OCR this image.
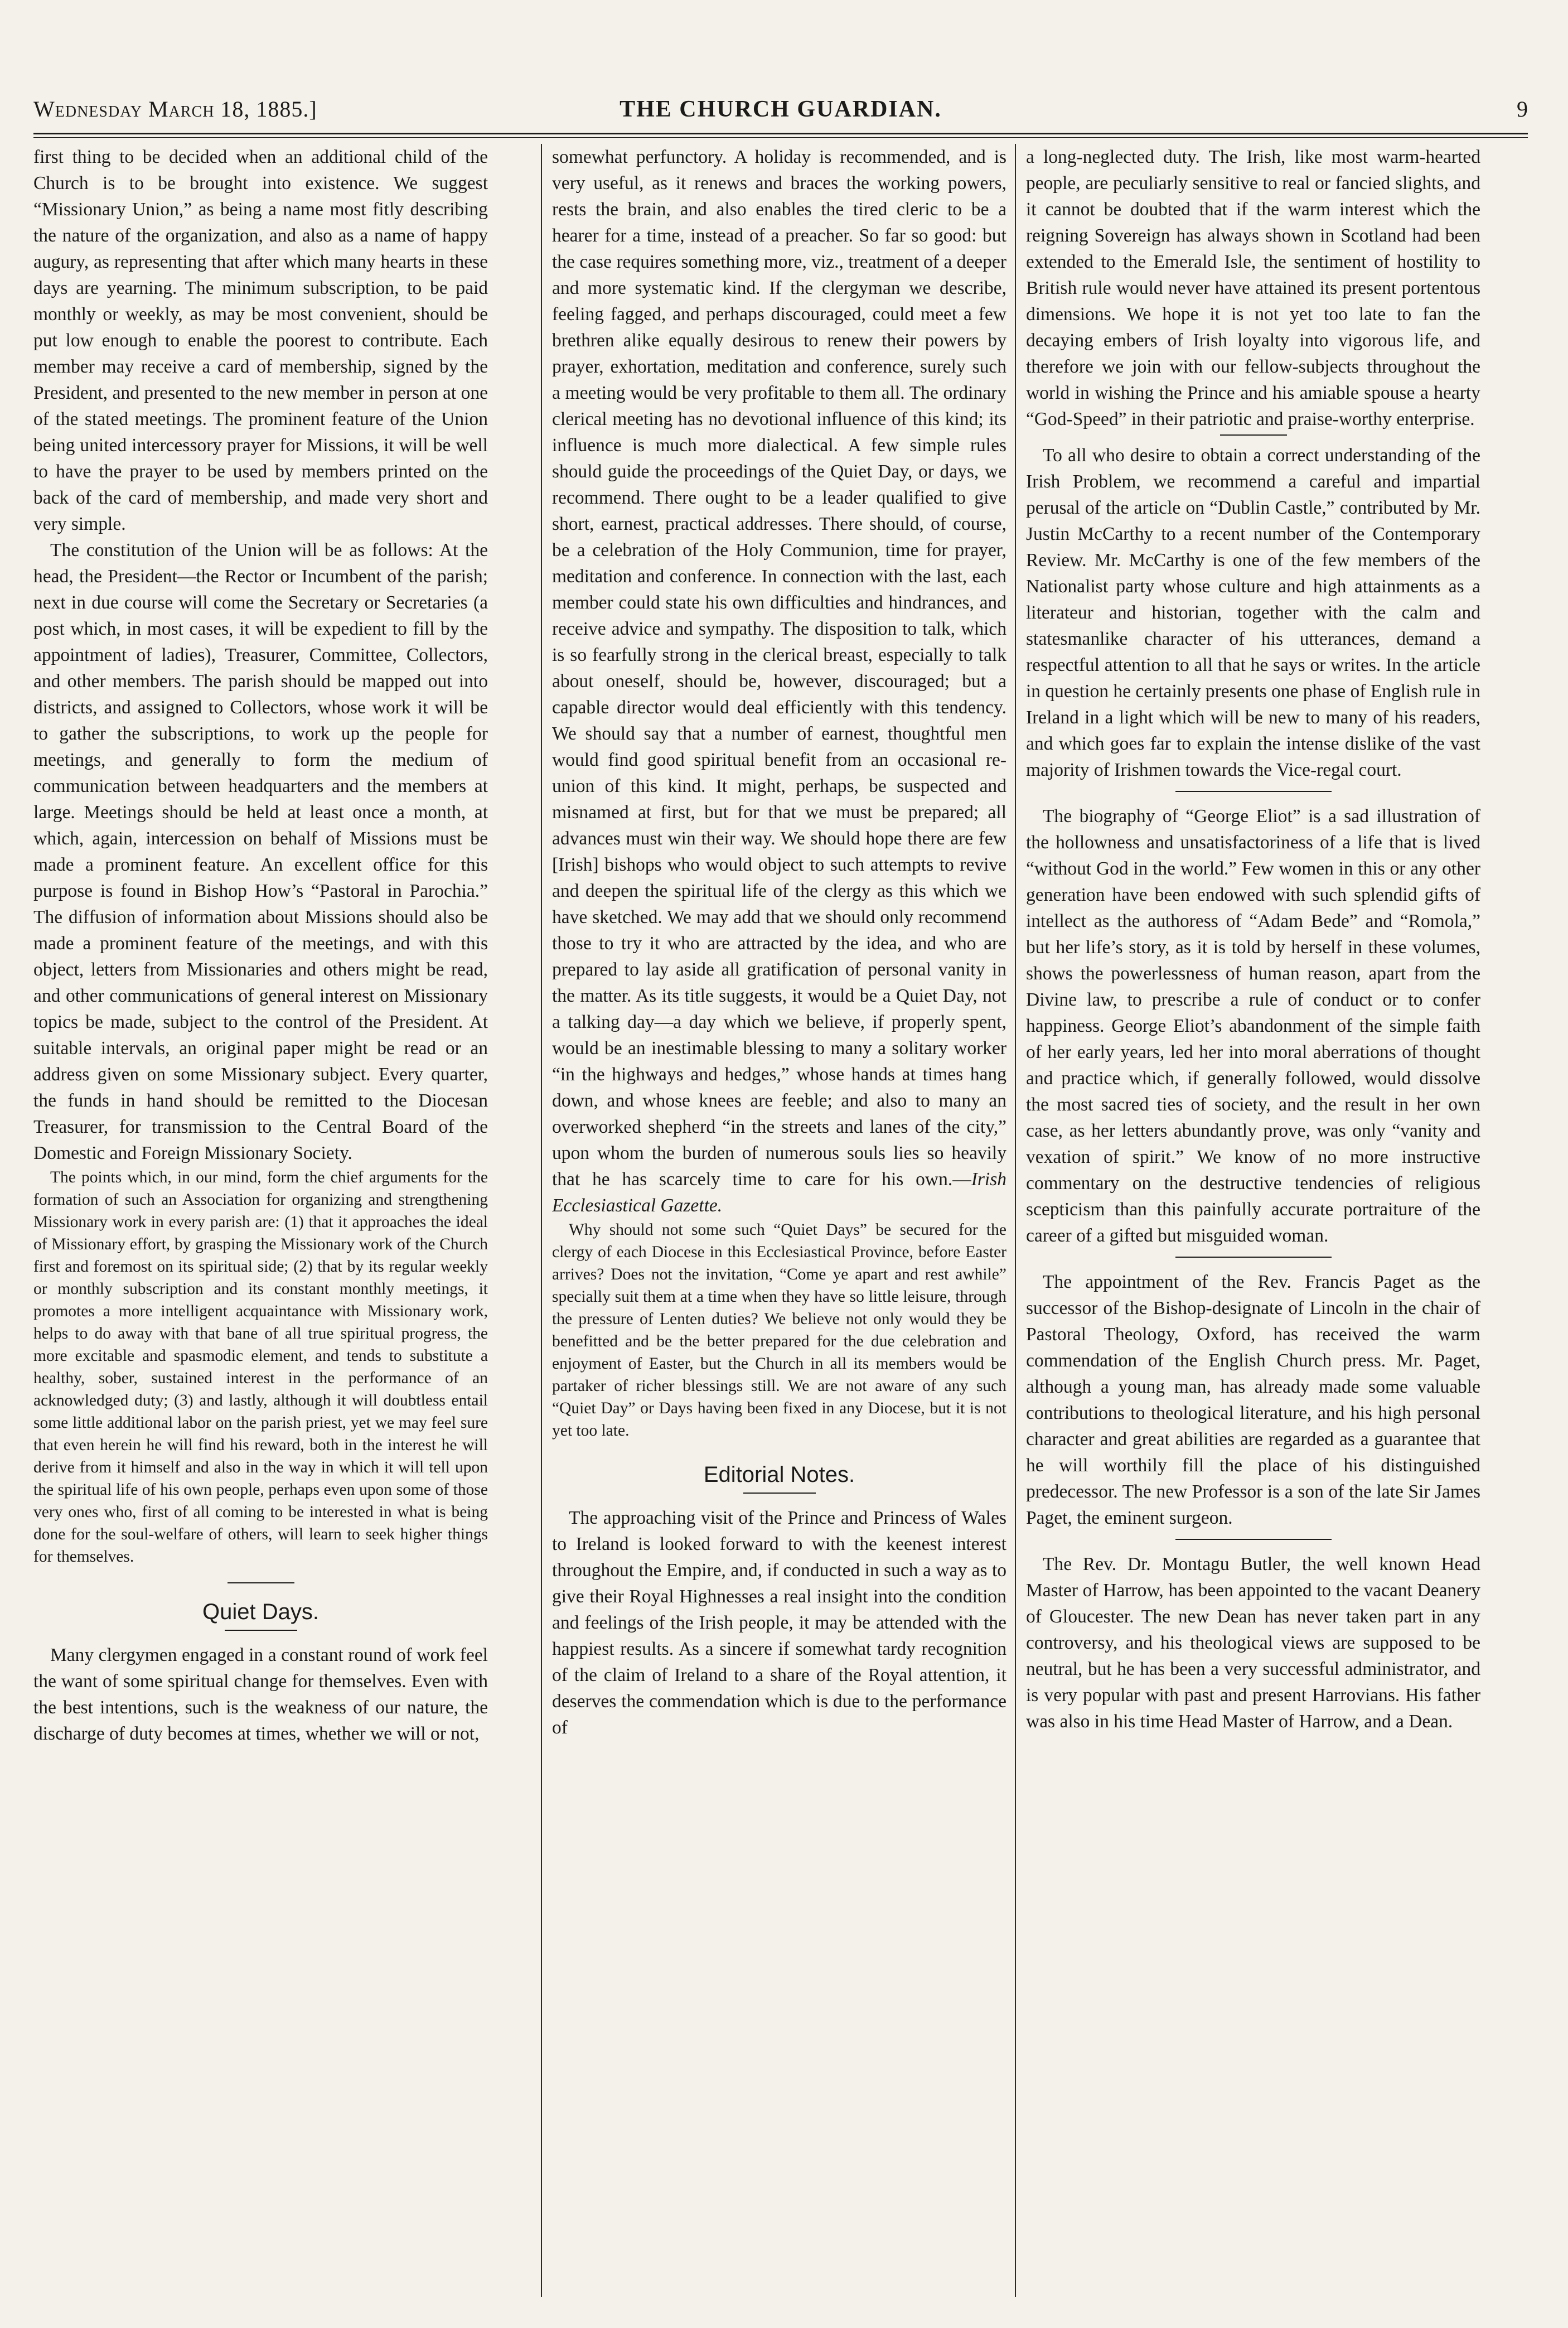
Wednesday March 18, 1885.]	THE CHURCH GUARDIAN.	9

first thing to be decided when an additional child of the Church is to be brought into existence. We suggest “Missionary Union,” as being a name most fitly describing the nature of the organization, and also as a name of happy augury, as representing that after which many hearts in these days are yearning. The minimum subscription, to be paid monthly or weekly, as may be most convenient, should be put low enough to enable the poorest to contribute. Each member may receive a card of membership, signed by the President, and presented to the new member in person at one of the stated meetings. The prominent feature of the Union being united intercessory prayer for Missions, it will be well to have the prayer to be used by members printed on the back of the card of membership, and made very short and very simple.

The constitution of the Union will be as follows: At the head, the President—the Rector or Incumbent of the parish; next in due course will come the Secretary or Secretaries (a post which, in most cases, it will be expedient to fill by the appointment of ladies), Treasurer, Committee, Collectors, and other members. The parish should be mapped out into districts, and assigned to Collectors, whose work it will be to gather the subscriptions, to work up the people for meetings, and generally to form the medium of communication between headquarters and the members at large. Meetings should be held at least once a month, at which, again, intercession on behalf of Missions must be made a prominent feature. An excellent office for this purpose is found in Bishop How’s “Pastoral in Parochia.” The diffusion of information about Missions should also be made a prominent feature of the meetings, and with this object, letters from Missionaries and others might be read, and other communications of general interest on Missionary topics be made, subject to the control of the President. At suitable intervals, an original paper might be read or an address given on some Missionary subject. Every quarter, the funds in hand should be remitted to the Diocesan Treasurer, for transmission to the Central Board of the Domestic and Foreign Missionary Society.

The points which, in our mind, form the chief arguments for the formation of such an Association for organizing and strengthening Missionary work in every parish are: (1) that it approaches the ideal of Missionary effort, by grasping the Missionary work of the Church first and foremost on its spiritual side; (2) that by its regular weekly or monthly subscription and its constant monthly meetings, it promotes a more intelligent acquaintance with Missionary work, helps to do away with that bane of all true spiritual progress, the more excitable and spasmodic element, and tends to substitute a healthy, sober, sustained interest in the performance of an acknowledged duty; (3) and lastly, although it will doubtless entail some little additional labor on the parish priest, yet we may feel sure that even herein he will find his reward, both in the interest he will derive from it himself and also in the way in which it will tell upon the spiritual life of his own people, perhaps even upon some of those very ones who, first of all coming to be interested in what is being done for the soul-welfare of others, will learn to seek higher things for themselves.

Quiet Days.

Many clergymen engaged in a constant round of work feel the want of some spiritual change for themselves. Even with the best intentions, such is the weakness of our nature, the discharge of duty becomes at times, whether we will or not,

somewhat perfunctory. A holiday is recommended, and is very useful, as it renews and braces the working powers, rests the brain, and also enables the tired cleric to be a hearer for a time, instead of a preacher. So far so good: but the case requires something more, viz., treatment of a deeper and more systematic kind. If the clergyman we describe, feeling fagged, and perhaps discouraged, could meet a few brethren alike equally desirous to renew their powers by prayer, exhortation, meditation and conference, surely such a meeting would be very profitable to them all. The ordinary clerical meeting has no devotional influence of this kind; its influence is much more dialectical. A few simple rules should guide the proceedings of the Quiet Day, or days, we recommend. There ought to be a leader qualified to give short, earnest, practical addresses. There should, of course, be a celebration of the Holy Communion, time for prayer, meditation and conference. In connection with the last, each member could state his own difficulties and hindrances, and receive advice and sympathy. The disposition to talk, which is so fearfully strong in the clerical breast, especially to talk about oneself, should be, however, discouraged; but a capable director would deal efficiently with this tendency. We should say that a number of earnest, thoughtful men would find good spiritual benefit from an occasional re-union of this kind. It might, perhaps, be suspected and misnamed at first, but for that we must be prepared; all advances must win their way. We should hope there are few [Irish] bishops who would object to such attempts to revive and deepen the spiritual life of the clergy as this which we have sketched. We may add that we should only recommend those to try it who are attracted by the idea, and who are prepared to lay aside all gratification of personal vanity in the matter. As its title suggests, it would be a Quiet Day, not a talking day—a day which we believe, if properly spent, would be an inestimable blessing to many a solitary worker “in the highways and hedges,” whose hands at times hang down, and whose knees are feeble; and also to many an overworked shepherd “in the streets and lanes of the city,” upon whom the burden of numerous souls lies so heavily that he has scarcely time to care for his own.—Irish Ecclesiastical Gazette.

Why should not some such “Quiet Days” be secured for the clergy of each Diocese in this Ecclesiastical Province, before Easter arrives? Does not the invitation, “Come ye apart and rest awhile” specially suit them at a time when they have so little leisure, through the pressure of Lenten duties? We believe not only would they be benefitted and be the better prepared for the due celebration and enjoyment of Easter, but the Church in all its members would be partaker of richer blessings still. We are not aware of any such “Quiet Day” or Days having been fixed in any Diocese, but it is not yet too late.

Editorial Notes.

The approaching visit of the Prince and Princess of Wales to Ireland is looked forward to with the keenest interest throughout the Empire, and, if conducted in such a way as to give their Royal Highnesses a real insight into the condition and feelings of the Irish people, it may be attended with the happiest results. As a sincere if somewhat tardy recognition of the claim of Ireland to a share of the Royal attention, it deserves the commendation which is due to the performance of

a long-neglected duty. The Irish, like most warm-hearted people, are peculiarly sensitive to real or fancied slights, and it cannot be doubted that if the warm interest which the reigning Sovereign has always shown in Scotland had been extended to the Emerald Isle, the sentiment of hostility to British rule would never have attained its present portentous dimensions. We hope it is not yet too late to fan the decaying embers of Irish loyalty into vigorous life, and therefore we join with our fellow-subjects throughout the world in wishing the Prince and his amiable spouse a hearty “God-Speed” in their patriotic and praise-worthy enterprise.

To all who desire to obtain a correct understanding of the Irish Problem, we recommend a careful and impartial perusal of the article on “Dublin Castle,” contributed by Mr. Justin McCarthy to a recent number of the Contemporary Review. Mr. McCarthy is one of the few members of the Nationalist party whose culture and high attainments as a literateur and historian, together with the calm and statesmanlike character of his utterances, demand a respectful attention to all that he says or writes. In the article in question he certainly presents one phase of English rule in Ireland in a light which will be new to many of his readers, and which goes far to explain the intense dislike of the vast majority of Irishmen towards the Vice-regal court.

The biography of “George Eliot” is a sad illustration of the hollowness and unsatisfactoriness of a life that is lived “without God in the world.” Few women in this or any other generation have been endowed with such splendid gifts of intellect as the authoress of “Adam Bede” and “Romola,” but her life’s story, as it is told by herself in these volumes, shows the powerlessness of human reason, apart from the Divine law, to prescribe a rule of conduct or to confer happiness. George Eliot’s abandonment of the simple faith of her early years, led her into moral aberrations of thought and practice which, if generally followed, would dissolve the most sacred ties of society, and the result in her own case, as her letters abundantly prove, was only “vanity and vexation of spirit.” We know of no more instructive commentary on the destructive tendencies of religious scepticism than this painfully accurate portraiture of the career of a gifted but misguided woman.

The appointment of the Rev. Francis Paget as the successor of the Bishop-designate of Lincoln in the chair of Pastoral Theology, Oxford, has received the warm commendation of the English Church press. Mr. Paget, although a young man, has already made some valuable contributions to theological literature, and his high personal character and great abilities are regarded as a guarantee that he will worthily fill the place of his distinguished predecessor. The new Professor is a son of the late Sir James Paget, the eminent surgeon.

The Rev. Dr. Montagu Butler, the well known Head Master of Harrow, has been appointed to the vacant Deanery of Gloucester. The new Dean has never taken part in any controversy, and his theological views are supposed to be neutral, but he has been a very successful administrator, and is very popular with past and present Harrovians. His father was also in his time Head Master of Harrow, and a Dean.
